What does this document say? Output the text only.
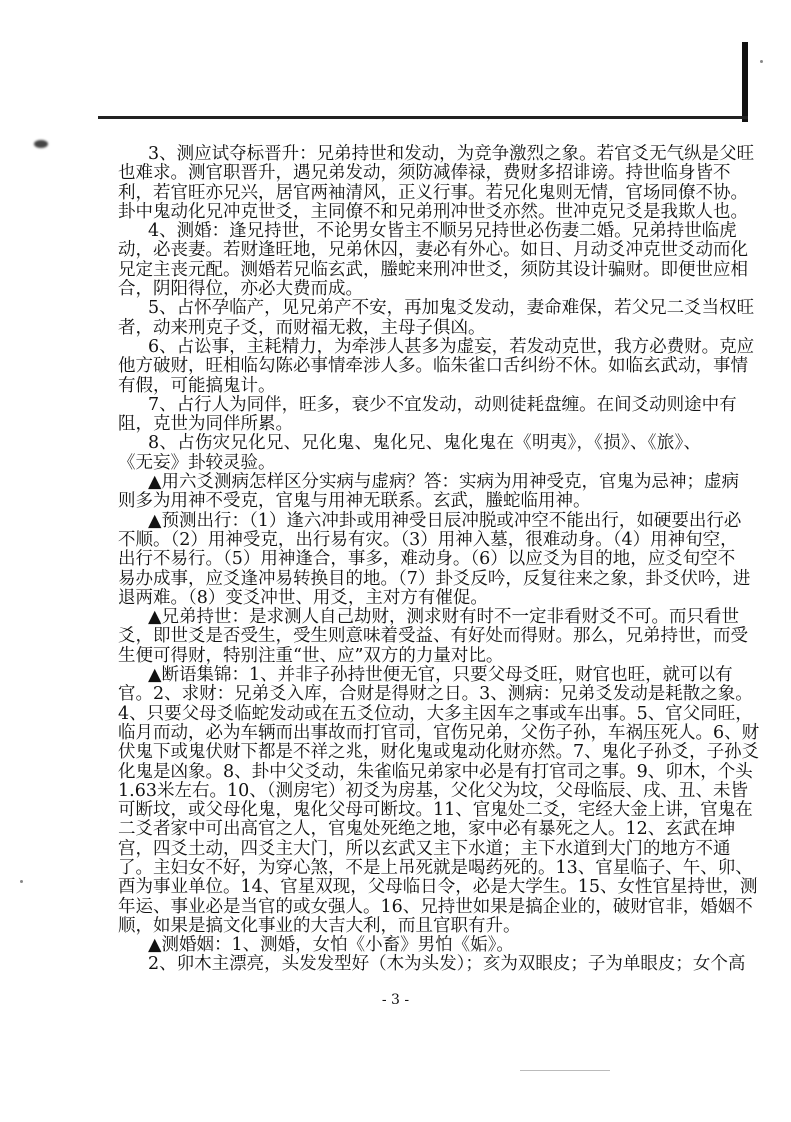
3、测应试夺标晋升：兄弟持世和发动，为竞争激烈之象。若官爻无气纵是父旺
也难求。测官职晋升，遇兄弟发动，须防减俸禄，费财多招诽谤。持世临身皆不
利，若官旺亦兄兴，居官两袖清风，正义行事。若兄化鬼则无情，官场同僚不协。
卦中鬼动化兄冲克世爻，主同僚不和兄弟刑冲世爻亦然。世冲克兄爻是我欺人也。
4、测婚：逢兄持世，不论男女皆主不顺另兄持世必伤妻二婚。兄弟持世临虎
动，必丧妻。若财逢旺地，兄弟休囚，妻必有外心。如日、月动爻冲克世爻动而化
兄定主丧元配。测婚若兄临玄武，螣蛇来刑冲世爻，须防其设计骗财。即便世应相
合，阴阳得位，亦必大费而成。
5、占怀孕临产，见兄弟产不安，再加鬼爻发动，妻命难保，若父兄二爻当权旺
者，动来刑克子爻，而财福无救，主母子俱凶。
6、占讼事，主耗精力，为牵涉人甚多为虚妄，若发动克世，我方必费财。克应
他方破财，旺相临勾陈必事情牵涉人多。临朱雀口舌纠纷不休。如临玄武动，事情
有假，可能搞鬼计。
7、占行人为同伴，旺多，衰少不宜发动，动则徒耗盘缠。在间爻动则途中有
阻，克世为同伴所累。
8、占伤灾兄化兄、兄化鬼、鬼化兄、鬼化鬼在《明夷》，《损》、《旅》、
《无妄》卦较灵验。
▲用六爻测病怎样区分实病与虚病？答：实病为用神受克，官鬼为忌神；虚病
则多为用神不受克，官鬼与用神无联系。玄武，螣蛇临用神。
▲预测出行：（1）逢六冲卦或用神受日辰冲脱或冲空不能出行，如硬要出行必
不顺。（2）用神受克，出行易有灾。（3）用神入墓，很难动身。（4）用神旬空，
出行不易行。（5）用神逢合，事多，难动身。（6）以应爻为目的地，应爻旬空不
易办成事，应爻逢冲易转换目的地。（7）卦爻反吟，反复往来之象，卦爻伏吟，进
退两难。（8）变爻冲世、用爻，主对方有催促。
▲兄弟持世：是求测人自己劫财，测求财有时不一定非看财爻不可。而只看世
爻，即世爻是否受生，受生则意味着受益、有好处而得财。那么，兄弟持世，而受
生便可得财，特别注重“世、应”双方的力量对比。
▲断语集锦：1、并非子孙持世便无官，只要父母爻旺，财官也旺，就可以有
官。2、求财：兄弟爻入库，合财是得财之日。3、测病：兄弟爻发动是耗散之象。
4、只要父母爻临蛇发动或在五爻位动，大多主因车之事或车出事。5、官父同旺，
临月而动，必为车辆而出事故而打官司，官伤兄弟，父伤子孙，车祸压死人。6、财
伏鬼下或鬼伏财下都是不祥之兆，财化鬼或鬼动化财亦然。7、鬼化子孙爻，子孙爻
化鬼是凶象。8、卦中父爻动，朱雀临兄弟家中必是有打官司之事。9、卯木，个头
1.63米左右。10、（测房宅）初爻为房基，父化父为坟，父母临辰、戌、丑、未皆
可断坟，或父母化鬼，鬼化父母可断坟。11、官鬼处二爻，宅经大金上讲，官鬼在
二爻者家中可出高官之人，官鬼处死绝之地，家中必有暴死之人。12、玄武在坤
宫，四爻土动，四爻主大门，所以玄武又主下水道；主下水道到大门的地方不通
了。主妇女不好，为穿心煞，不是上吊死就是喝药死的。13、官星临子、午、卯、
酉为事业单位。14、官星双现，父母临日令，必是大学生。15、女性官星持世，测
年运、事业必是当官的或女强人。16、兄持世如果是搞企业的，破财官非，婚姻不
顺，如果是搞文化事业的大吉大利，而且官职有升。
▲测婚姻：1、测婚，女怕《小畜》男怕《姤》。
2、卯木主漂亮，头发发型好（木为头发）；亥为双眼皮；子为单眼皮；女个高
- 3 -
